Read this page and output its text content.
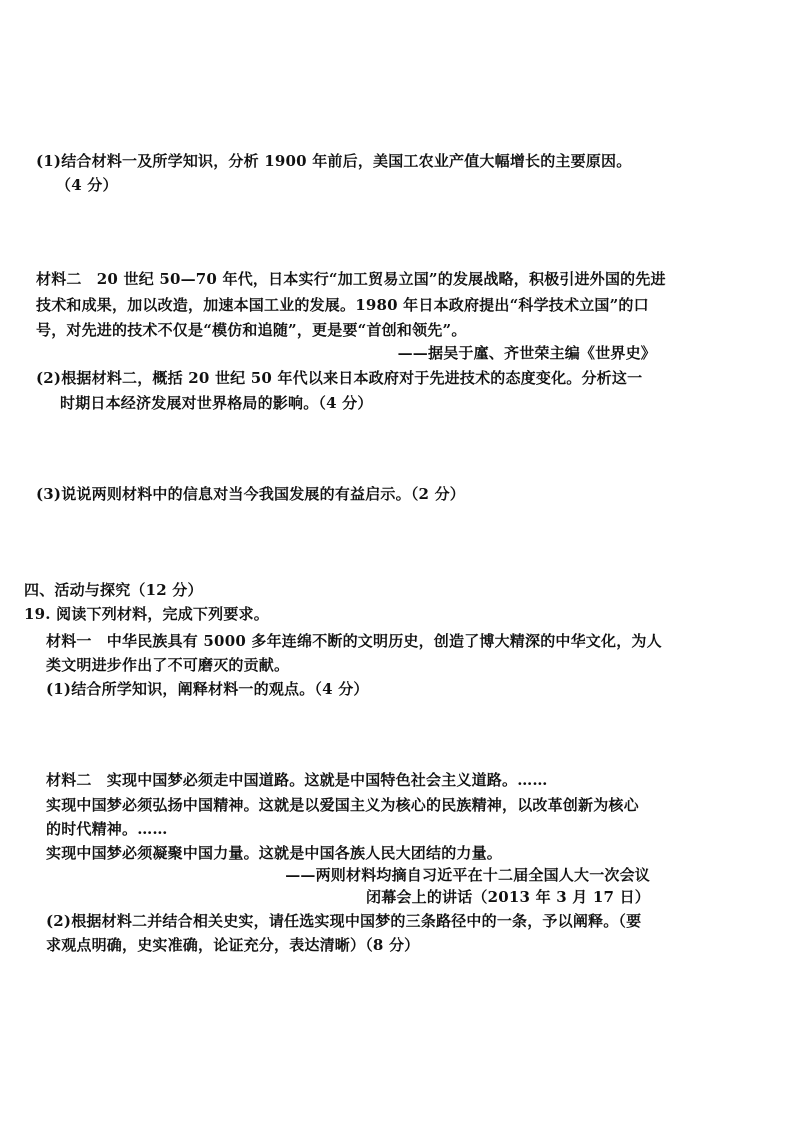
(1)结合材料一及所学知识，分析 1900 年前后，美国工农业产值大幅增长的主要原因。
（4 分）
材料二　20 世纪 50—70 年代，日本实行“加工贸易立国”的发展战略，积极引进外国的先进
技术和成果，加以改造，加速本国工业的发展。1980 年日本政府提出“科学技术立国”的口
号，对先进的技术不仅是“模仿和追随”，更是要“首创和领先”。
——据吴于廑、齐世荣主编《世界史》
(2)根据材料二，概括 20 世纪 50 年代以来日本政府对于先进技术的态度变化。分析这一
时期日本经济发展对世界格局的影响。（4 分）
(3)说说两则材料中的信息对当今我国发展的有益启示。（2 分）
四、活动与探究（12 分）
19. 阅读下列材料，完成下列要求。
材料一　中华民族具有 5000 多年连绵不断的文明历史，创造了博大精深的中华文化，为人
类文明进步作出了不可磨灭的贡献。
(1)结合所学知识，阐释材料一的观点。（4 分）
材料二　实现中国梦必须走中国道路。这就是中国特色社会主义道路。……
实现中国梦必须弘扬中国精神。这就是以爱国主义为核心的民族精神，以改革创新为核心
的时代精神。……
实现中国梦必须凝聚中国力量。这就是中国各族人民大团结的力量。
——两则材料均摘自习近平在十二届全国人大一次会议
闭幕会上的讲话（2013 年 3 月 17 日）
(2)根据材料二并结合相关史实，请任选实现中国梦的三条路径中的一条，予以阐释。（要
求观点明确，史实准确，论证充分，表达清晰）（8 分）
